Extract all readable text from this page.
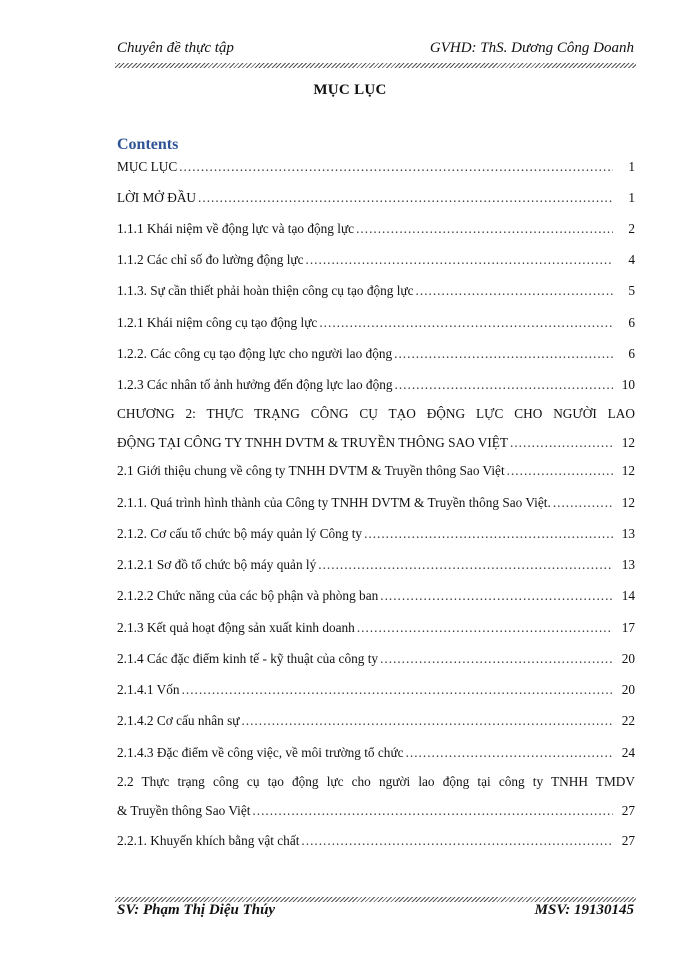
Chuyên đề thực tập	GVHD: ThS. Dương Công Doanh
MỤC LỤC
Contents
MỤC LỤC .....	1
LỜI MỞ ĐẦU .....	1
1.1.1 Khái niệm về động lực và tạo động lực .....	2
1.1.2 Các chỉ số đo lường động lực .....	4
1.1.3. Sự cần thiết phải hoàn thiện công cụ tạo động lực .....	5
1.2.1 Khái niệm công cụ tạo động lực .....	6
1.2.2. Các công cụ tạo động lực cho người lao động .....	6
1.2.3 Các nhân tố ảnh hưởng đến động lực lao động .....	10
CHƯƠNG 2: THỰC TRẠNG CÔNG CỤ TẠO ĐỘNG LỰC CHO NGƯỜI LAO
ĐỘNG TẠI CÔNG TY TNHH DVTM & TRUYỀN THÔNG SAO VIỆT .....	12
2.1 Giới thiệu chung về công ty TNHH DVTM & Truyền thông Sao Việt .....	12
2.1.1. Quá trình hình thành của Công ty TNHH DVTM & Truyền thông Sao Việt. .....	12
2.1.2. Cơ cấu tổ chức bộ máy quản lý Công ty .....	13
2.1.2.1 Sơ đồ tổ chức bộ máy quản lý .....	13
2.1.2.2 Chức năng của các bộ phận và phòng ban .....	14
2.1.3 Kết quả hoạt động sản xuất kinh doanh .....	17
2.1.4 Các đặc điểm kinh tế - kỹ thuật của công ty .....	20
2.1.4.1 Vốn .....	20
2.1.4.2 Cơ cấu nhân sự .....	22
2.1.4.3 Đặc điểm về công việc, về môi trường tổ chức .....	24
2.2 Thực trạng công cụ tạo động lực cho người lao động tại công ty TNHH TMDV
& Truyền thông Sao Việt .....	27
2.2.1. Khuyến khích bằng vật chất .....	27
SV: Phạm Thị Diệu Thúy	MSV: 19130145
